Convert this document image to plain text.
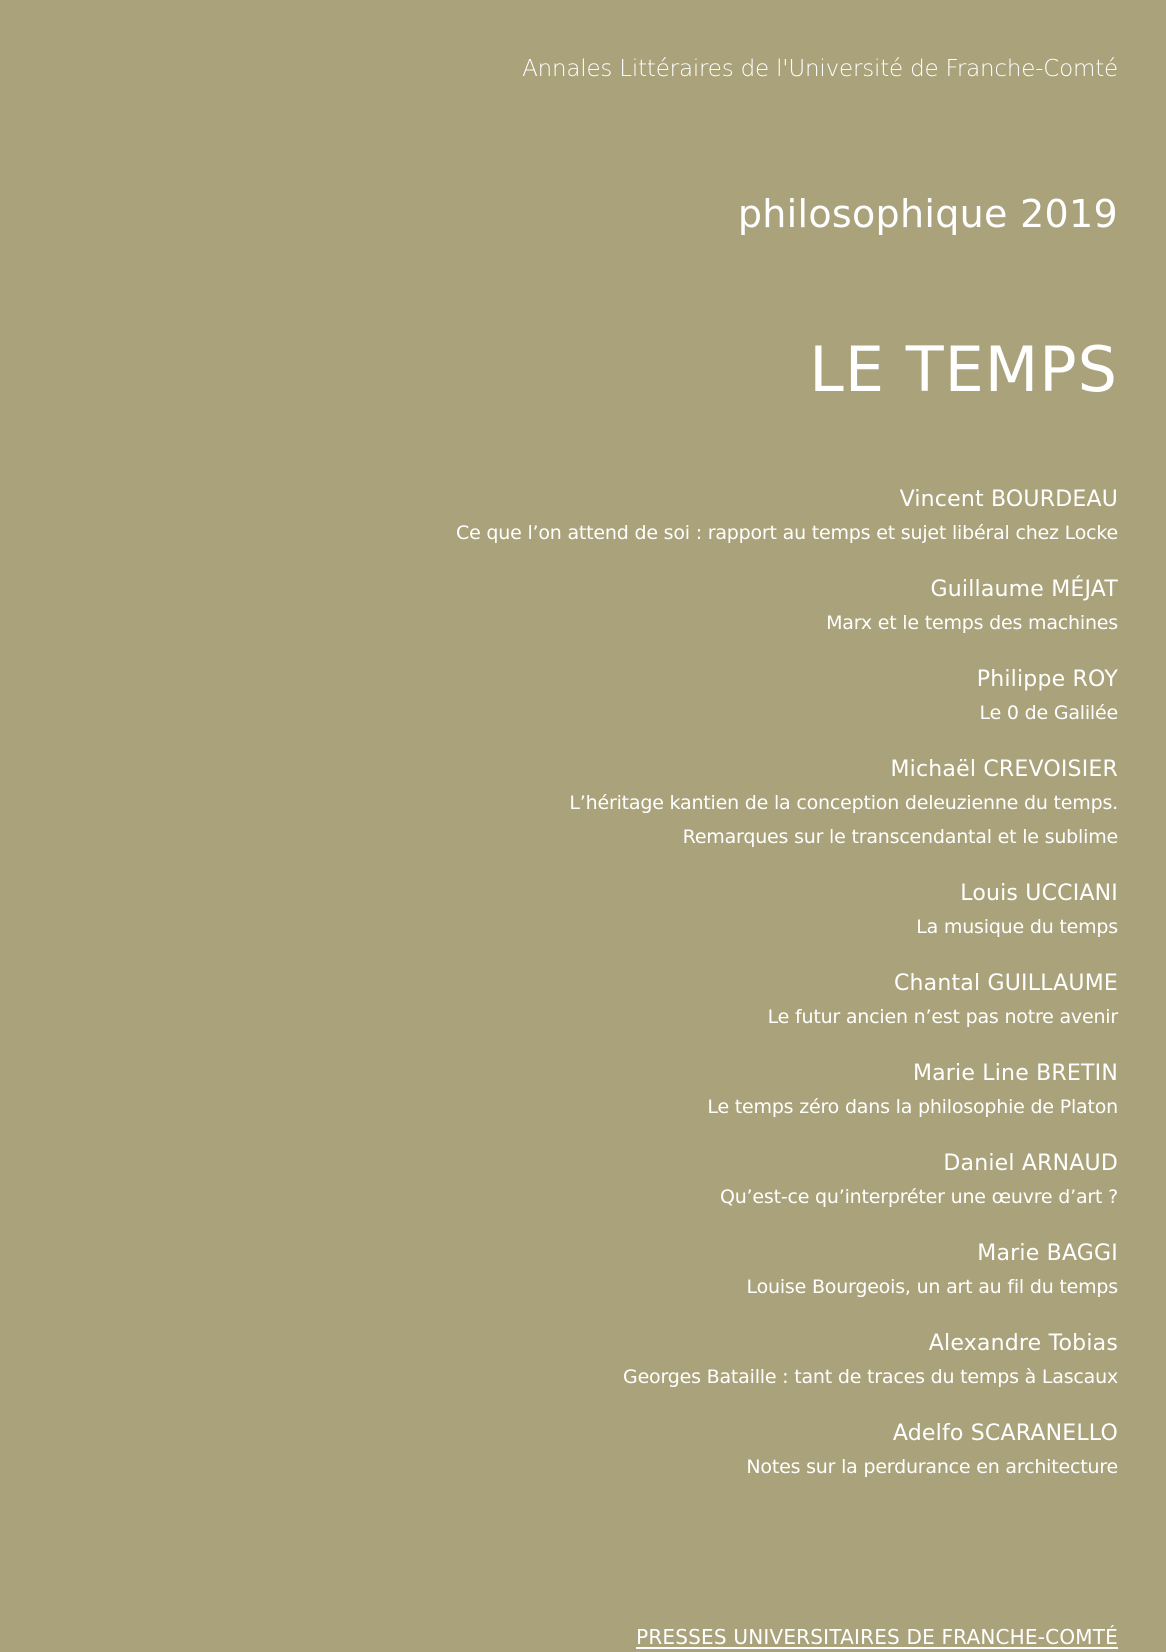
Annales Littéraires de l'Université de Franche-Comté
philosophique 2019
LE TEMPS
Vincent BOURDEAU
Ce que l’on attend de soi : rapport au temps et sujet libéral chez Locke
Guillaume MÉJAT
Marx et le temps des machines
Philippe ROY
Le 0 de Galilée
Michaël CREVOISIER
L’héritage kantien de la conception deleuzienne du temps.
Remarques sur le transcendantal et le sublime
Louis UCCIANI
La musique du temps
Chantal GUILLAUME
Le futur ancien n’est pas notre avenir
Marie Line BRETIN
Le temps zéro dans la philosophie de Platon
Daniel ARNAUD
Qu’est-ce qu’interpréter une œuvre d’art ?
Marie BAGGI
Louise Bourgeois, un art au fil du temps
Alexandre Tobias
Georges Bataille : tant de traces du temps à Lascaux
Adelfo SCARANELLO
Notes sur la perdurance en architecture
PRESSES UNIVERSITAIRES DE FRANCHE-COMTÉ
